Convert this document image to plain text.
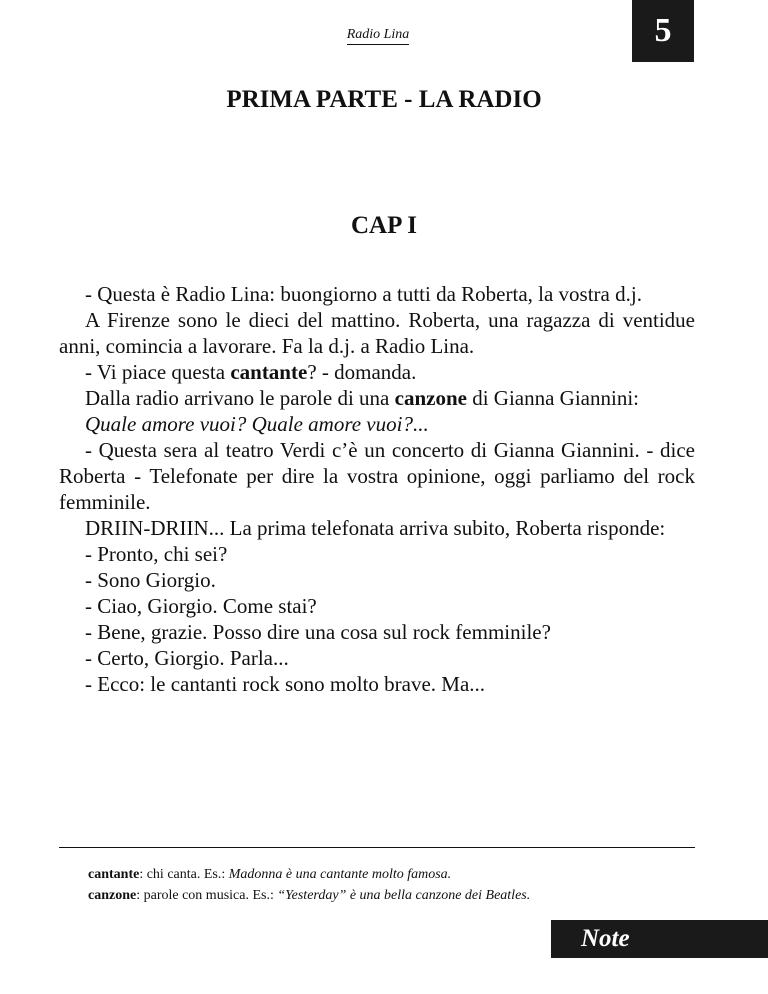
Radio Lina	5
PRIMA PARTE - LA RADIO
CAP I

- Questa è Radio Lina: buongiorno a tutti da Roberta, la vostra d.j.

A Firenze sono le dieci del mattino. Roberta, una ragazza di ventidue anni, comincia a lavorare. Fa la d.j. a Radio Lina.

- Vi piace questa cantante? - domanda.

Dalla radio arrivano le parole di una canzone di Gianna Giannini:

Quale amore vuoi? Quale amore vuoi?...

- Questa sera al teatro Verdi c’è un concerto di Gianna Giannini. - dice Roberta - Telefonate per dire la vostra opinione, oggi parliamo del rock femminile.

DRIIN-DRIIN... La prima telefonata arriva subito, Roberta risponde:

- Pronto, chi sei?

- Sono Giorgio.

- Ciao, Giorgio. Come stai?

- Bene, grazie. Posso dire una cosa sul rock femminile?

- Certo, Giorgio. Parla...

- Ecco: le cantanti rock sono molto brave. Ma...

cantante: chi canta. Es.: Madonna è una cantante molto famosa.

canzone: parole con musica. Es.: “Yesterday” è una bella canzone dei Beatles.

Note
